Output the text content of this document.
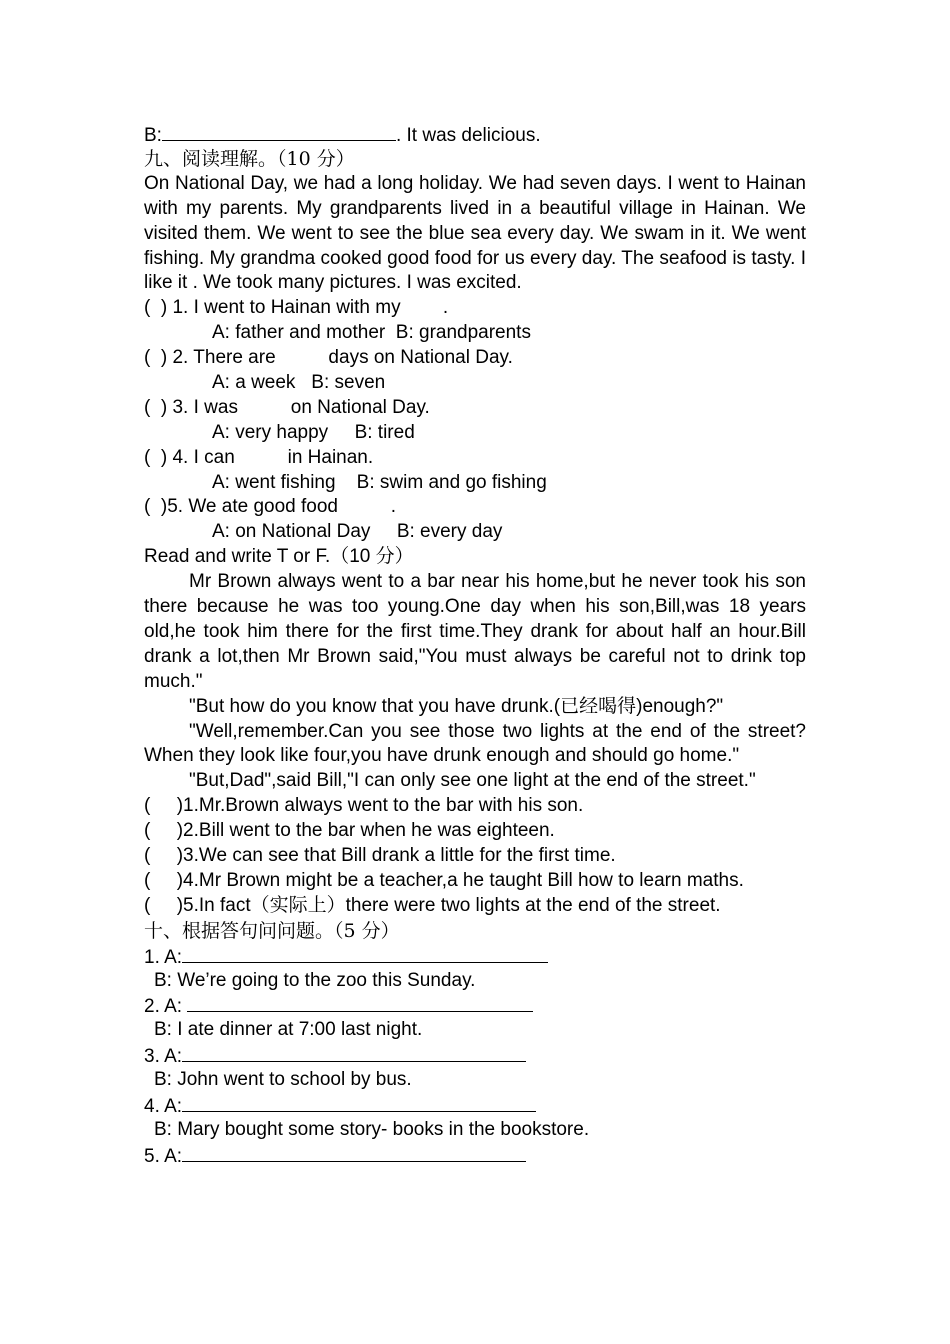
B:	. It was delicious.
九、阅读理解。（10 分）

On National Day, we had a long holiday. We had seven days. I went to Hainan with my parents. My grandparents lived in a beautiful village in Hainan. We visited them. We went to see the blue sea every day. We swam in it. We went fishing. My grandma cooked good food for us every day. The seafood is tasty. I like it . We took many pictures. I was excited.

(  ) 1. I went to Hainan with my        .
A: father and mother  B: grandparents
(  ) 2. There are          days on National Day.
A: a week   B: seven
(  ) 3. I was          on National Day.
A: very happy     B: tired
(  ) 4. I can          in Hainan.
A: went fishing    B: swim and go fishing
(  )5. We ate good food          .
A: on National Day     B: every day
Read and write T or F.（10 分）

Mr Brown always went to a bar near his home,but he never took his son there because he was too young.One day when his son,Bill,was 18 years old,he took him there for the first time.They drank for about half an hour.Bill drank a lot,then Mr Brown said,"You must always be careful not to drink top much."

"But how do you know that you have drunk.(已经喝得)enough?"

"Well,remember.Can you see those two lights at the end of the street?When they look like four,you have drunk enough and should go home."

"But,Dad",said Bill,"I can only see one light at the end of the street."

(     )1.Mr.Brown always went to the bar with his son.
(     )2.Bill went to the bar when he was eighteen.
(     )3.We can see that Bill drank a little for the first time.
(     )4.Mr Brown might be a teacher,a he taught Bill how to learn maths.
(     )5.In fact（实际上）there were two lights at the end of the street.
十、根据答句问问题。（5 分）
1. A:
B: We’re going to the zoo this Sunday.
2. A:
B: I ate dinner at 7:00 last night.
3. A:
B: John went to school by bus.
4. A:
B: Mary bought some story- books in the bookstore.
5. A:
